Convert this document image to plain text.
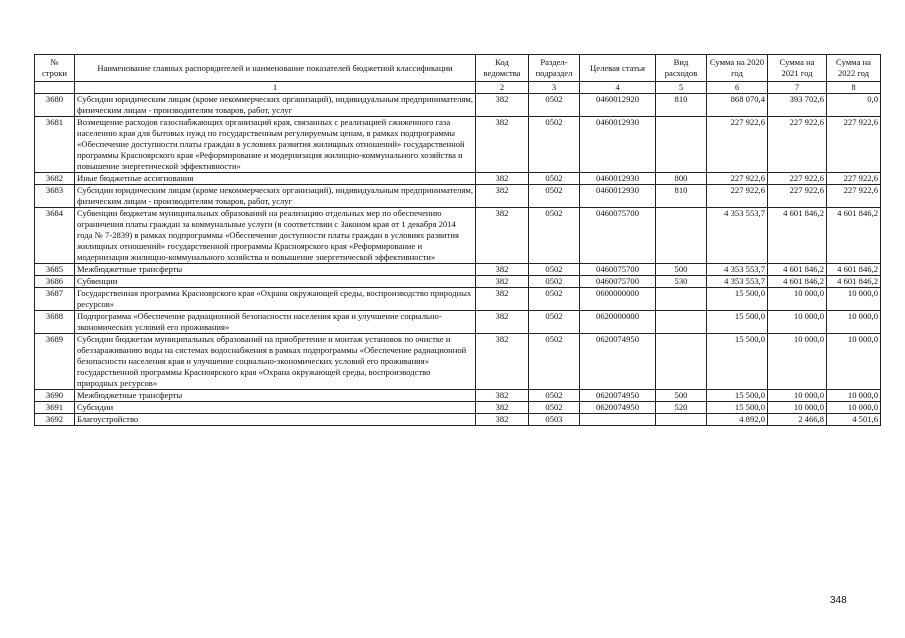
№ строки	Наименование главных распорядителей и наименование показателей бюджетной классификации	Код ведомства	Раздел-подраздел	Целевая статья	Вид расходов	Сумма на 2020 год	Сумма на 2021 год	Сумма на 2022 год
	1	2	3	4	5	6	7	8
3680	Субсидии юридическим лицам (кроме некоммерческих организаций), индивидуальным предпринимателям, физическим лицам - производителям товаров, работ, услуг	382	0502	0460012920	810	868 070,4	393 702,6	0,0
3681	Возмещение расходов газоснабжающих организаций края, связанных с реализацией сжиженного газа населению края для бытовых нужд по государственным регулируемым ценам, в рамках подпрограммы «Обеспечение доступности платы граждан в условиях развития жилищных отношений» государственной программы Красноярского края «Реформирование и модернизация жилищно-коммунального хозяйства и повышение энергетической эффективности»	382	0502	0460012930		227 922,6	227 922,6	227 922,6
3682	Иные бюджетные ассигнования	382	0502	0460012930	800	227 922,6	227 922,6	227 922,6
3683	Субсидии юридическим лицам (кроме некоммерческих организаций), индивидуальным предпринимателям, физическим лицам - производителям товаров, работ, услуг	382	0502	0460012930	810	227 922,6	227 922,6	227 922,6
3684	Субвенции бюджетам муниципальных образований на реализацию отдельных мер по обеспечению ограничения платы граждан за коммунальные услуги (в соответствии с Законом края от 1 декабря 2014 года № 7-2839) в рамках подпрограммы «Обеспечение доступности платы граждан в условиях развития жилищных отношений» государственной программы Красноярского края «Реформирование и модернизация жилищно-коммунального хозяйства и повышение энергетической эффективности»	382	0502	0460075700		4 353 553,7	4 601 846,2	4 601 846,2
3685	Межбюджетные трансферты	382	0502	0460075700	500	4 353 553,7	4 601 846,2	4 601 846,2
3686	Субвенции	382	0502	0460075700	530	4 353 553,7	4 601 846,2	4 601 846,2
3687	Государственная программа Красноярского края «Охрана окружающей среды, воспроизводство природных ресурсов»	382	0502	0600000000		15 500,0	10 000,0	10 000,0
3688	Подпрограмма «Обеспечение радиационной безопасности населения края и улучшение социально-экономических условий его проживания»	382	0502	0620000000		15 500,0	10 000,0	10 000,0
3689	Субсидии бюджетам муниципальных образований на приобретение и монтаж установок по очистке и обеззараживанию воды на системах водоснабжения в рамках подпрограммы «Обеспечение радиационной безопасности населения края и улучшение социально-экономических условий его проживания» государственной программы Красноярского края «Охрана окружающей среды, воспроизводство природных ресурсов»	382	0502	0620074950		15 500,0	10 000,0	10 000,0
3690	Межбюджетные трансферты	382	0502	0620074950	500	15 500,0	10 000,0	10 000,0
3691	Субсидии	382	0502	0620074950	520	15 500,0	10 000,0	10 000,0
3692	Благоустройство	382	0503			4 892,0	2 466,8	4 501,6
348
